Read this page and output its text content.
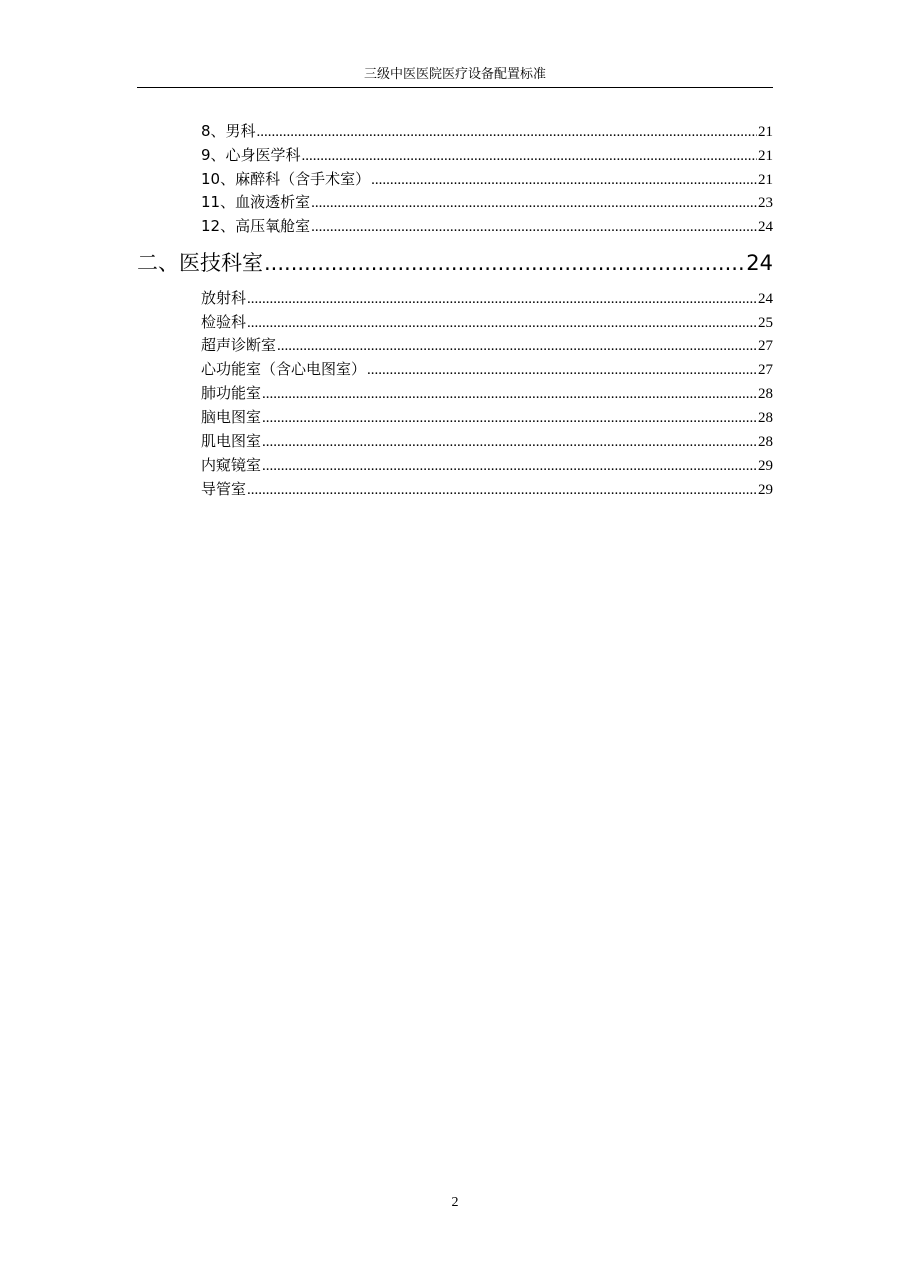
三级中医医院医疗设备配置标准
8、男科 .....	21
9、心身医学科 .....	21
10、麻醉科（含手术室） .....	21
11、血液透析室 .....	23
12、高压氧舱室 .....	24
二、医技科室 .....	24
放射科 .....	24
检验科 .....	25
超声诊断室 .....	27
心功能室（含心电图室） .....	27
肺功能室 .....	28
脑电图室 .....	28
肌电图室 .....	28
内窥镜室 .....	29
导管室 .....	29
2
